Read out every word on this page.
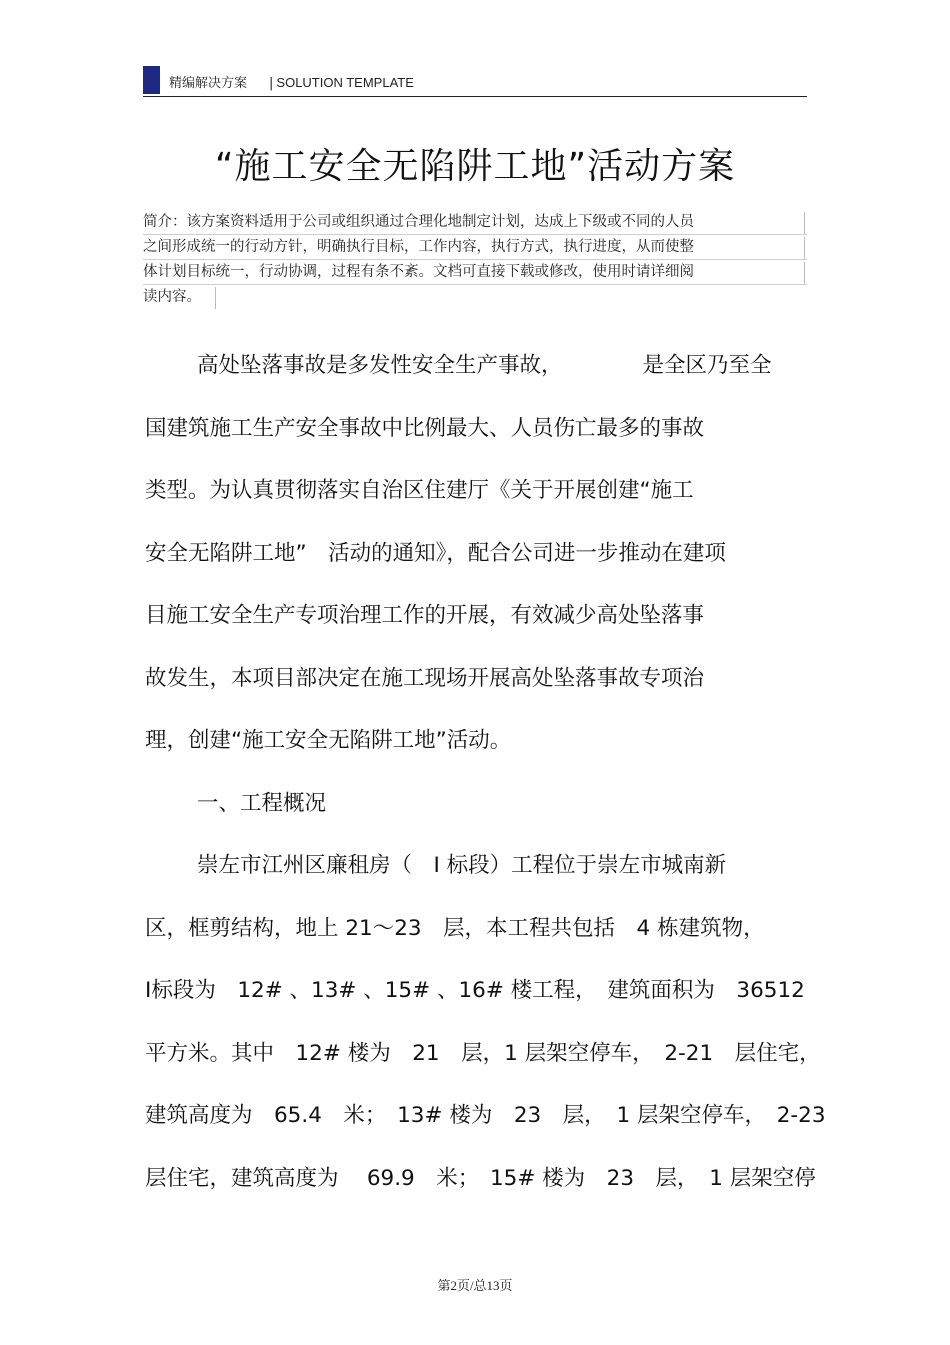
精编解决方案 | SOLUTION TEMPLATE
“施工安全无陷阱工地”活动方案
简介：该方案资料适用于公司或组织通过合理化地制定计划，达成上下级或不同的人员
之间形成统一的行动方针，明确执行目标，工作内容，执行方式，执行进度，从而使整
体计划目标统一，行动协调，过程有条不紊。文档可直接下载或修改，使用时请详细阅
读内容。
高处坠落事故是多发性安全生产事故，	是全区乃至全
国建筑施工生产安全事故中比例最大、人员伤亡最多的事故
类型。为认真贯彻落实自治区住建厅《关于开展创建“施工
安全无陷阱工地”　活动的通知》，配合公司进一步推动在建项
目施工安全生产专项治理工作的开展，有效减少高处坠落事
故发生，本项目部决定在施工现场开展高处坠落事故专项治
理，创建“施工安全无陷阱工地”活动。
一、工程概况
崇左市江州区廉租房（　Ⅰ 标段）工程位于崇左市城南新
区，框剪结构，地上 21～23　层，本工程共包括　4 栋建筑物，
Ⅰ标段为　12# 、13# 、15# 、16# 楼工程，　建筑面积为　36512
平方米。其中　12# 楼为　21　层，1 层架空停车，　2-21　层住宅，
建筑高度为　65.4　米；　13# 楼为　23　层，　1 层架空停车，　2-23
层住宅，建筑高度为　 69.9　米；　15# 楼为　23　层，　1 层架空停
第2页/总13页
